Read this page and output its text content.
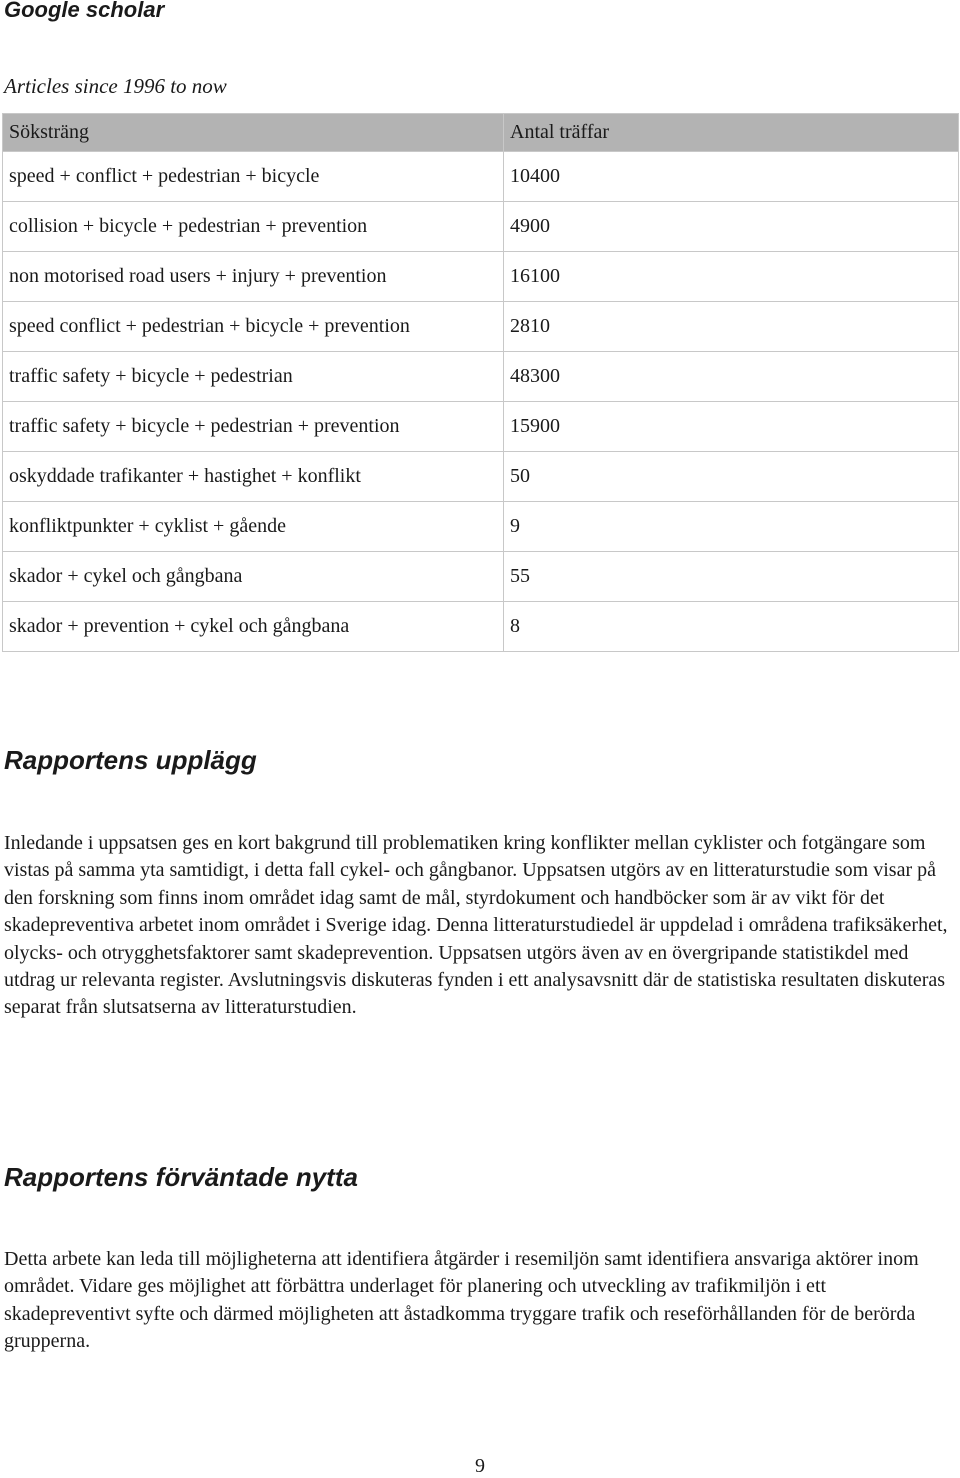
Google scholar

Articles since 1996 to now

Söksträng	Antal träffar
speed + conflict + pedestrian + bicycle	10400
collision + bicycle + pedestrian + prevention	4900
non motorised road users + injury + prevention	16100
speed conflict + pedestrian + bicycle + prevention	2810
traffic safety + bicycle + pedestrian	48300
traffic safety + bicycle + pedestrian + prevention	15900
oskyddade trafikanter + hastighet + konflikt	50
konfliktpunkter + cyklist + gående	9
skador + cykel och gångbana	55
skador + prevention + cykel och gångbana	8
Rapportens upplägg

Inledande i uppsatsen ges en kort bakgrund till problematiken kring konflikter mellan cyklister och fotgängare som vistas på samma yta samtidigt, i detta fall cykel- och gångbanor. Uppsatsen utgörs av en litteraturstudie som visar på den forskning som finns inom området idag samt de mål, styrdokument och handböcker som är av vikt för det skadepreventiva arbetet inom området i Sverige idag. Denna litteraturstudiedel är uppdelad i områdena trafiksäkerhet, olycks- och otrygghetsfaktorer samt skadeprevention. Uppsatsen utgörs även av en övergripande statistikdel med utdrag ur relevanta register. Avslutningsvis diskuteras fynden i ett analysavsnitt där de statistiska resultaten diskuteras separat från slutsatserna av litteraturstudien.

Rapportens förväntade nytta

Detta arbete kan leda till möjligheterna att identifiera åtgärder i resemiljön samt identifiera ansvariga aktörer inom området. Vidare ges möjlighet att förbättra underlaget för planering och utveckling av trafikmiljön i ett skadepreventivt syfte och därmed möjligheten att åstadkomma tryggare trafik och reseförhållanden för de berörda grupperna.

9
